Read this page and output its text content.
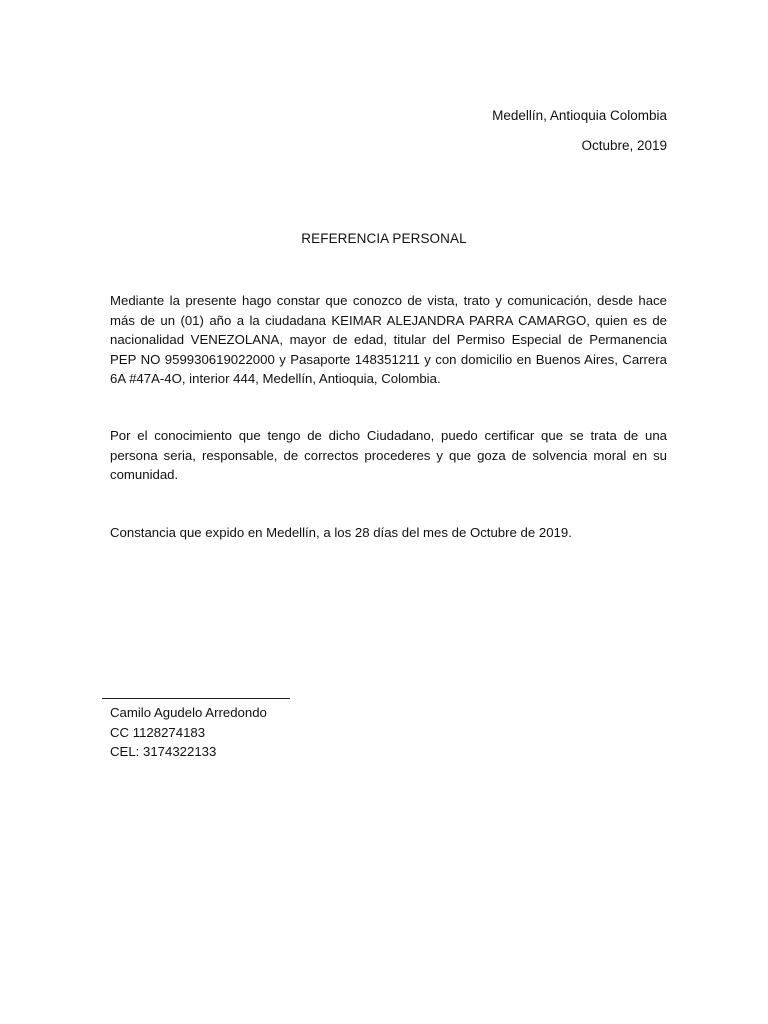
Medellín, Antioquia Colombia
Octubre, 2019
REFERENCIA PERSONAL
Mediante la presente hago constar que conozco de vista, trato y comunicación, desde hace más de un (01) año a la ciudadana KEIMAR ALEJANDRA PARRA CAMARGO, quien es de nacionalidad VENEZOLANA, mayor de edad, titular del Permiso Especial de Permanencia PEP NO 959930619022000 y Pasaporte 148351211 y con domicilio en Buenos Aires, Carrera 6A #47A-4O, interior 444, Medellín, Antioquia, Colombia.
Por el conocimiento que tengo de dicho Ciudadano, puedo certificar que se trata de una persona seria, responsable, de correctos procederes y que goza de solvencia moral en su comunidad.
Constancia que expido en Medellín, a los 28 días del mes de Octubre de 2019.
Camilo Agudelo Arredondo
CC 1128274183
CEL: 3174322133
